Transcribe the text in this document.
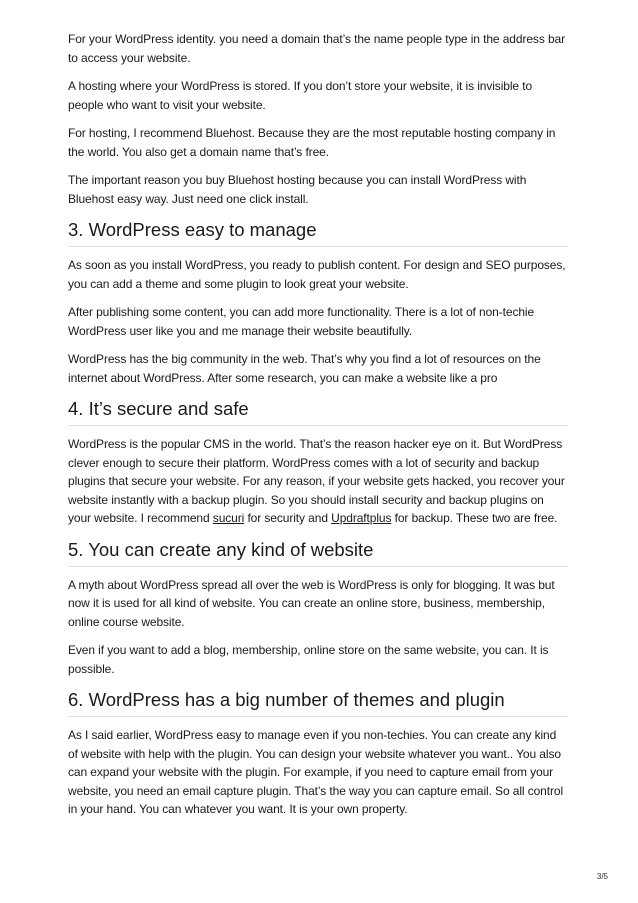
For your WordPress identity. you need a domain that’s the name people type in the address bar to access your website.

A hosting where your WordPress is stored. If you don’t store your website, it is invisible to people who want to visit your website.

For hosting, I recommend Bluehost. Because they are the most reputable hosting company in the world. You also get a domain name that’s free.

The important reason you buy Bluehost hosting because you can install WordPress with
Bluehost easy way. Just need one click install.

3. WordPress easy to manage

As soon as you install WordPress, you ready to publish content. For design and SEO purposes, you can add a theme and some plugin to look great your website.

After publishing some content, you can add more functionality. There is a lot of non-techie WordPress user like you and me manage their website beautifully.

WordPress has the big community in the web. That’s why you find a lot of resources on the internet about WordPress. After some research, you can make a website like a pro

4. It’s secure and safe

WordPress is the popular CMS in the world. That’s the reason hacker eye on it. But WordPress clever enough to secure their platform. WordPress comes with a lot of security and backup plugins that secure your website. For any reason, if your website gets hacked, you recover your website instantly with a backup plugin. So you should install security and backup plugins on your website. I recommend sucuri for security and Updraftplus for backup. These two are free.

5. You can create any kind of website

A myth about WordPress spread all over the web is WordPress is only for blogging. It was but now it is used for all kind of website. You can create an online store, business, membership, online course website.

Even if you want to add a blog, membership, online store on the same website, you can. It is possible.

6. WordPress has a big number of themes and plugin

As I said earlier, WordPress easy to manage even if you non-techies. You can create any kind of website with help with the plugin. You can design your website whatever you want.. You also can expand your website with the plugin. For example, if you need to capture email from your website, you need an email capture plugin. That’s the way you can capture email. So all control in your hand. You can whatever you want. It is your own property.

3/5
